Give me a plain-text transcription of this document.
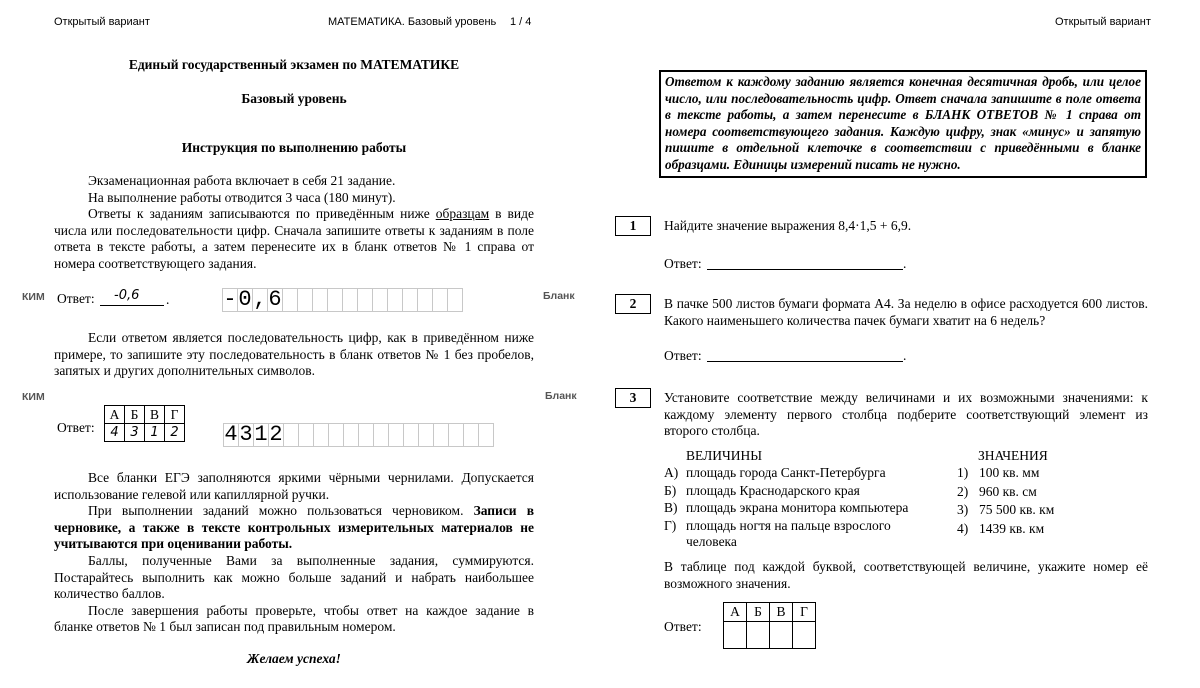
Открытый вариант	МАТЕМАТИКА. Базовый уровень 1 / 4	Открытый вариант
Единый государственный экзамен по МАТЕМАТИКЕ
Базовый уровень
Инструкция по выполнению работы
Экзаменационная работа включает в себя 21 задание.
На выполнение работы отводится 3 часа (180 минут).
Ответы к заданиям записываются по приведённым ниже образцам в виде числа или последовательности цифр. Сначала запишите ответы к заданиям в поле ответа в тексте работы, а затем перенесите их в бланк ответов № 1 справа от номера соответствующего задания.
КИМ	Бланк
Ответ: -0,6 . - 0 , 6
Если ответом является последовательность цифр, как в приведённом ниже примере, то запишите эту последовательность в бланк ответов № 1 без пробелов, запятых и других дополнительных символов.
КИМ	Бланк
Ответ:
А	Б	В	Г
4	3	1	2 4 3 1 2
Все бланки ЕГЭ заполняются яркими чёрными чернилами. Допускается использование гелевой или капиллярной ручки.
При выполнении заданий можно пользоваться черновиком. Записи в черновике, а также в тексте контрольных измерительных материалов не учитываются при оценивании работы.
Баллы, полученные Вами за выполненные задания, суммируются. Постарайтесь выполнить как можно больше заданий и набрать наибольшее количество баллов.
После завершения работы проверьте, чтобы ответ на каждое задание в бланке ответов № 1 был записан под правильным номером.
Желаем успеха!
Ответом к каждому заданию является конечная десятичная дробь, или целое число, или последовательность цифр. Ответ сначала запишите в поле ответа в тексте работы, а затем перенесите в БЛАНК ОТВЕТОВ № 1 справа от номера соответствующего задания. Каждую цифру, знак «минус» и запятую пишите в отдельной клеточке в соответствии с приведёнными в бланке образцами. Единицы измерений писать не нужно.
1	Найдите значение выражения 8,4·1,5 + 6,9.
Ответ:	.
2	В пачке 500 листов бумаги формата А4. За неделю в офисе расходуется 600 листов. Какого наименьшего количества пачек бумаги хватит на 6 недель?
Ответ:	.
3	Установите соответствие между величинами и их возможными значениями: к каждому элементу первого столбца подберите соответствующий элемент из второго столбца.
ВЕЛИЧИНЫ	ЗНАЧЕНИЯ
А) площадь города Санкт-Петербурга
Б) площадь Краснодарского края
В) площадь экрана монитора компьютера
Г) площадь ногтя на пальце взрослого человека
1) 100 кв. мм
2) 960 кв. см
3) 75 500 кв. км
4) 1439 кв. км
В таблице под каждой буквой, соответствующей величине, укажите номер её возможного значения.
Ответ:
А	Б	В	Г
